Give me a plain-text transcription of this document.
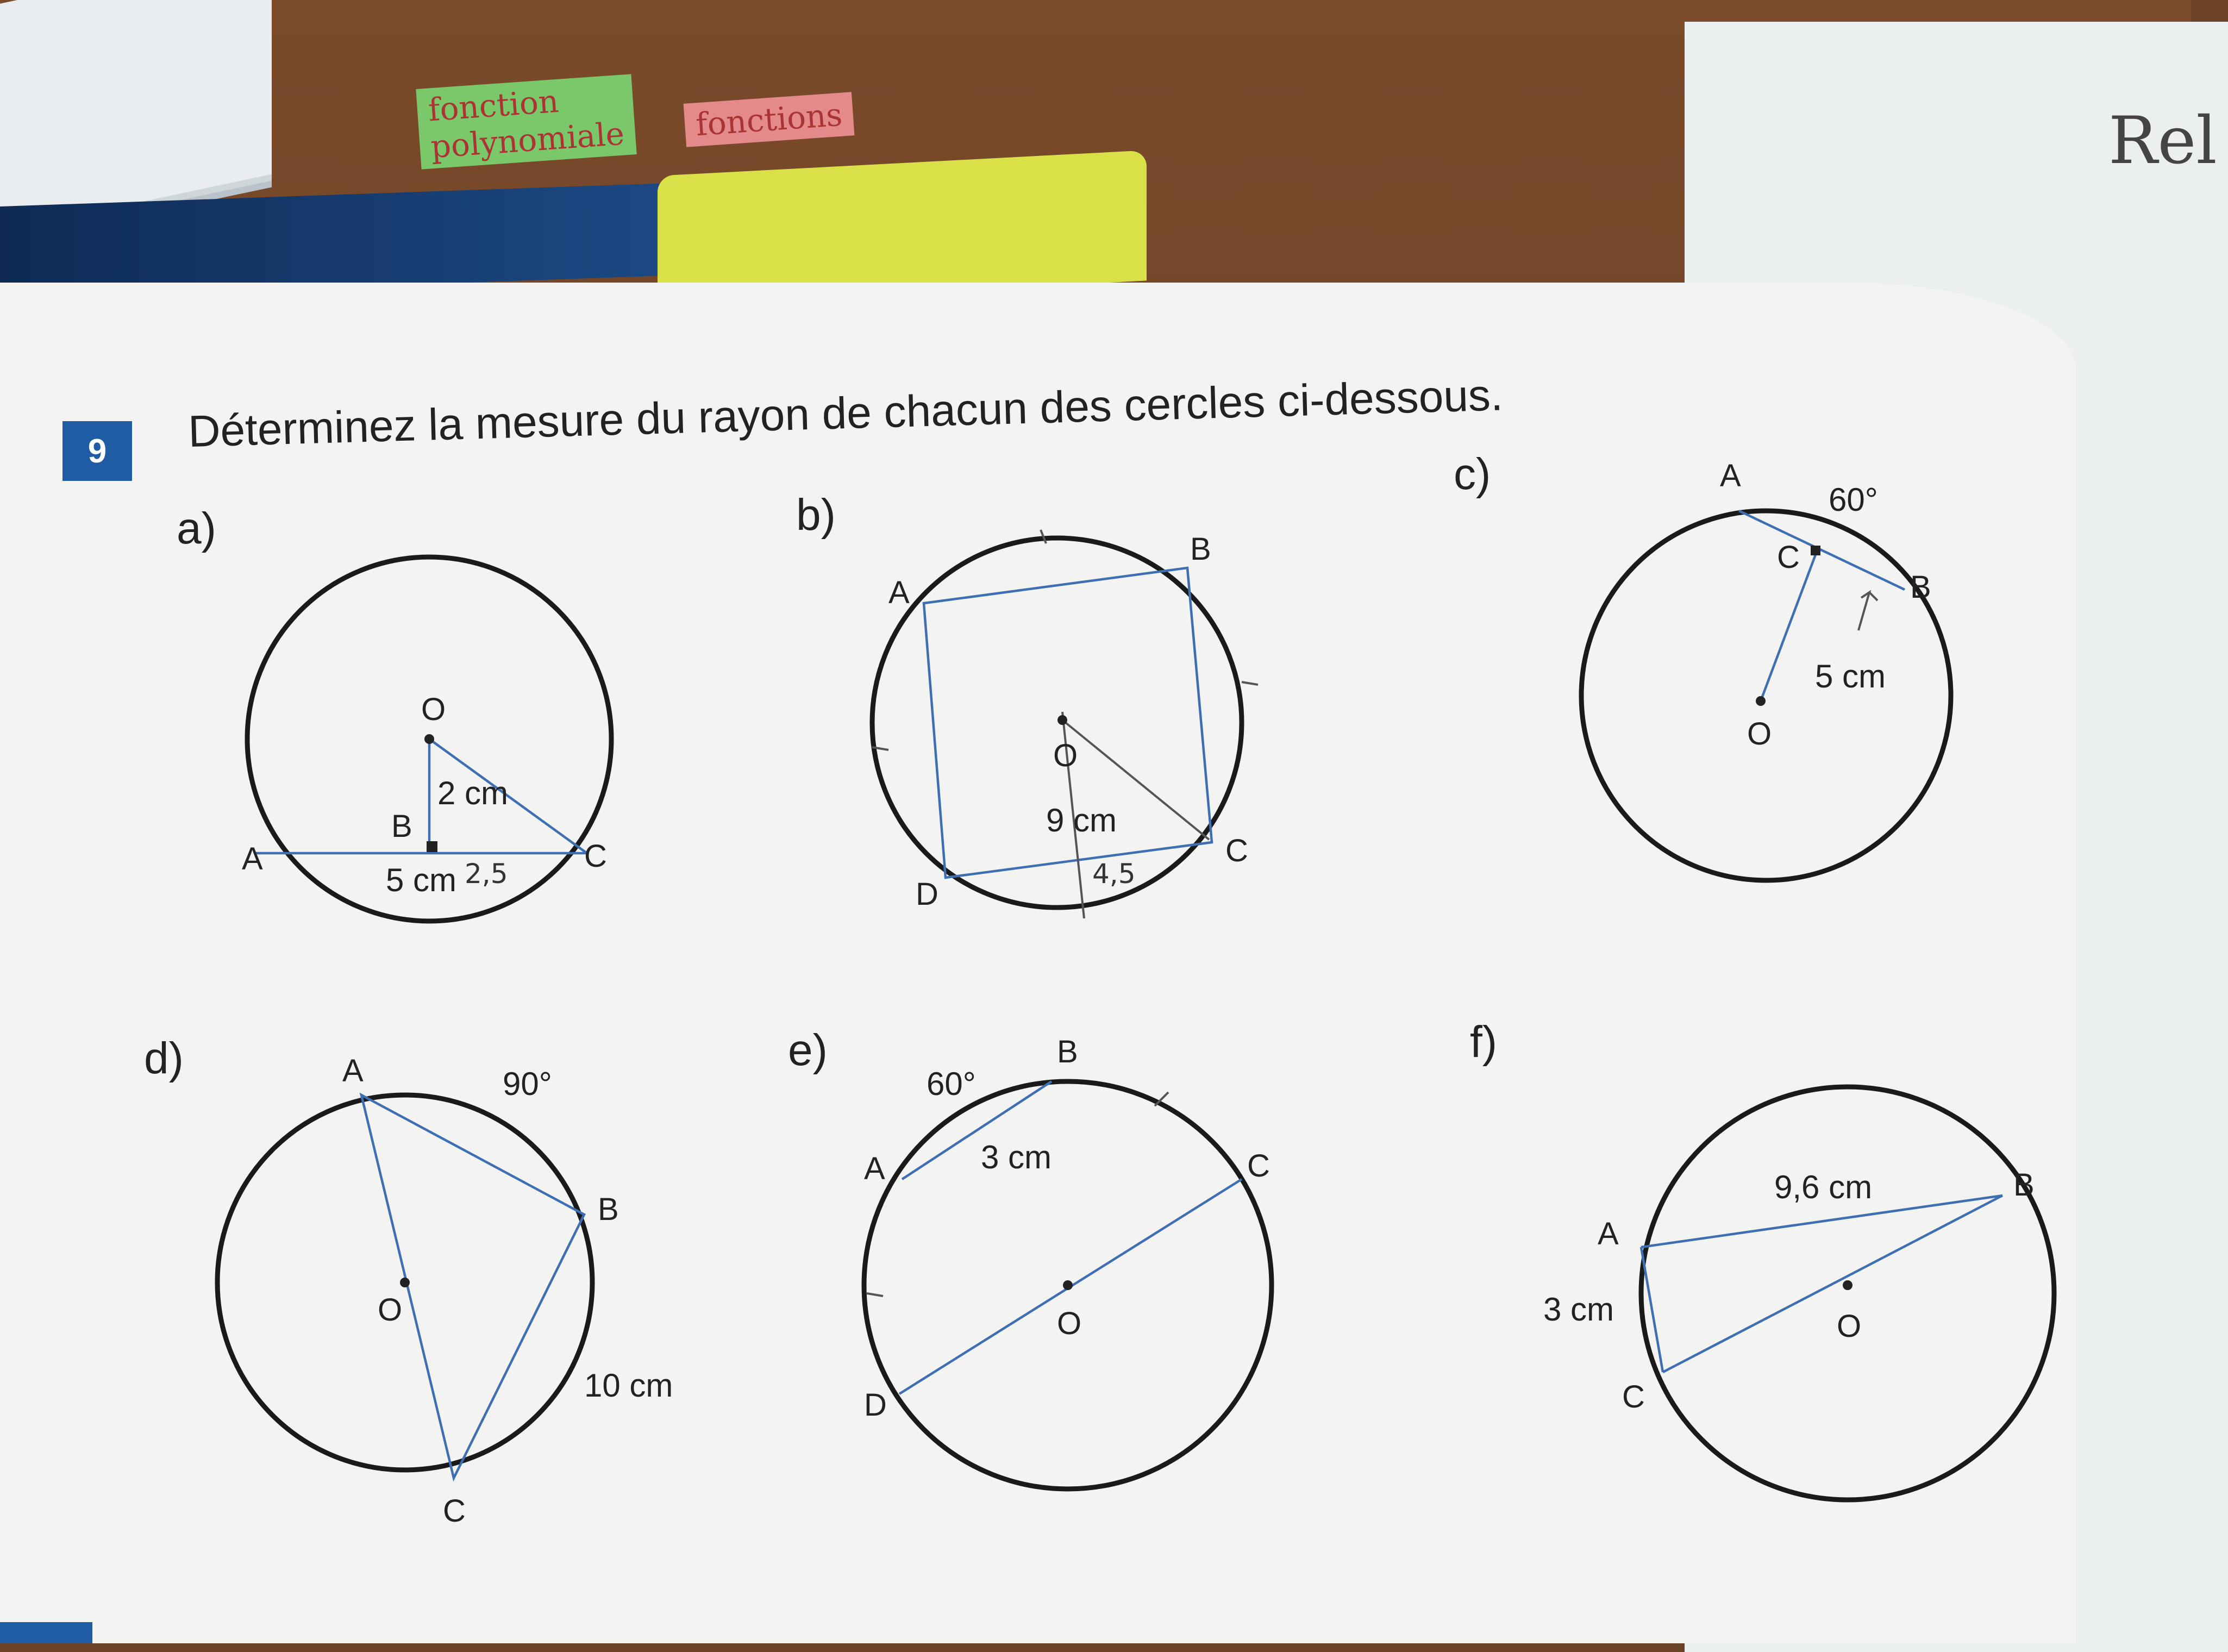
Rel
fonction
polynomiale	fonctions
9	Déterminez la mesure du rayon de chacun des cercles ci-dessous.
a)
O
B
A	C
2 cm
5 cm 2,5
b)
A
B
O
C
D
9 cm
4,5
c)	A
C
B
O
60°
5 cm
d)	A
B
O
C
90°
10 cm
e)	B
A	C
O
D
60°
3 cm
f)
A
B
O
C
9,6 cm
3 cm
